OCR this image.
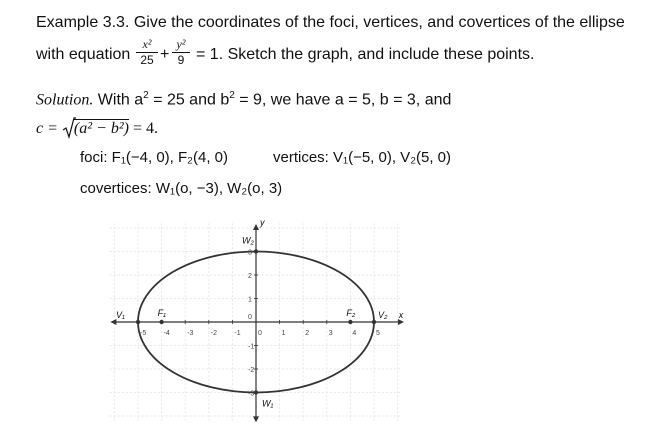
Example 3.3. Give the coordinates of the foci, vertices, and covertices of the ellipse
with equation
x²
25 +
y²
9 = 1. Sketch the graph, and include these points.
Solution. With $a^2 = 25$ and $b^2 = 9$, we have a = 5, b = 3, and
c = (a² − b²) = 4.
foci: F₁(−4, 0), F₂(4, 0)	vertices: V₁(−5, 0), V₂(5, 0)
covertices: W₁(o, −3), W₂(o, 3)
-5 -4 -3 -2 -1 0	1	2	3	4	5
3
2
1
-1
-2
-3
0
V₁	V₂
F₁	F₂
W₁
W₂
x
y
